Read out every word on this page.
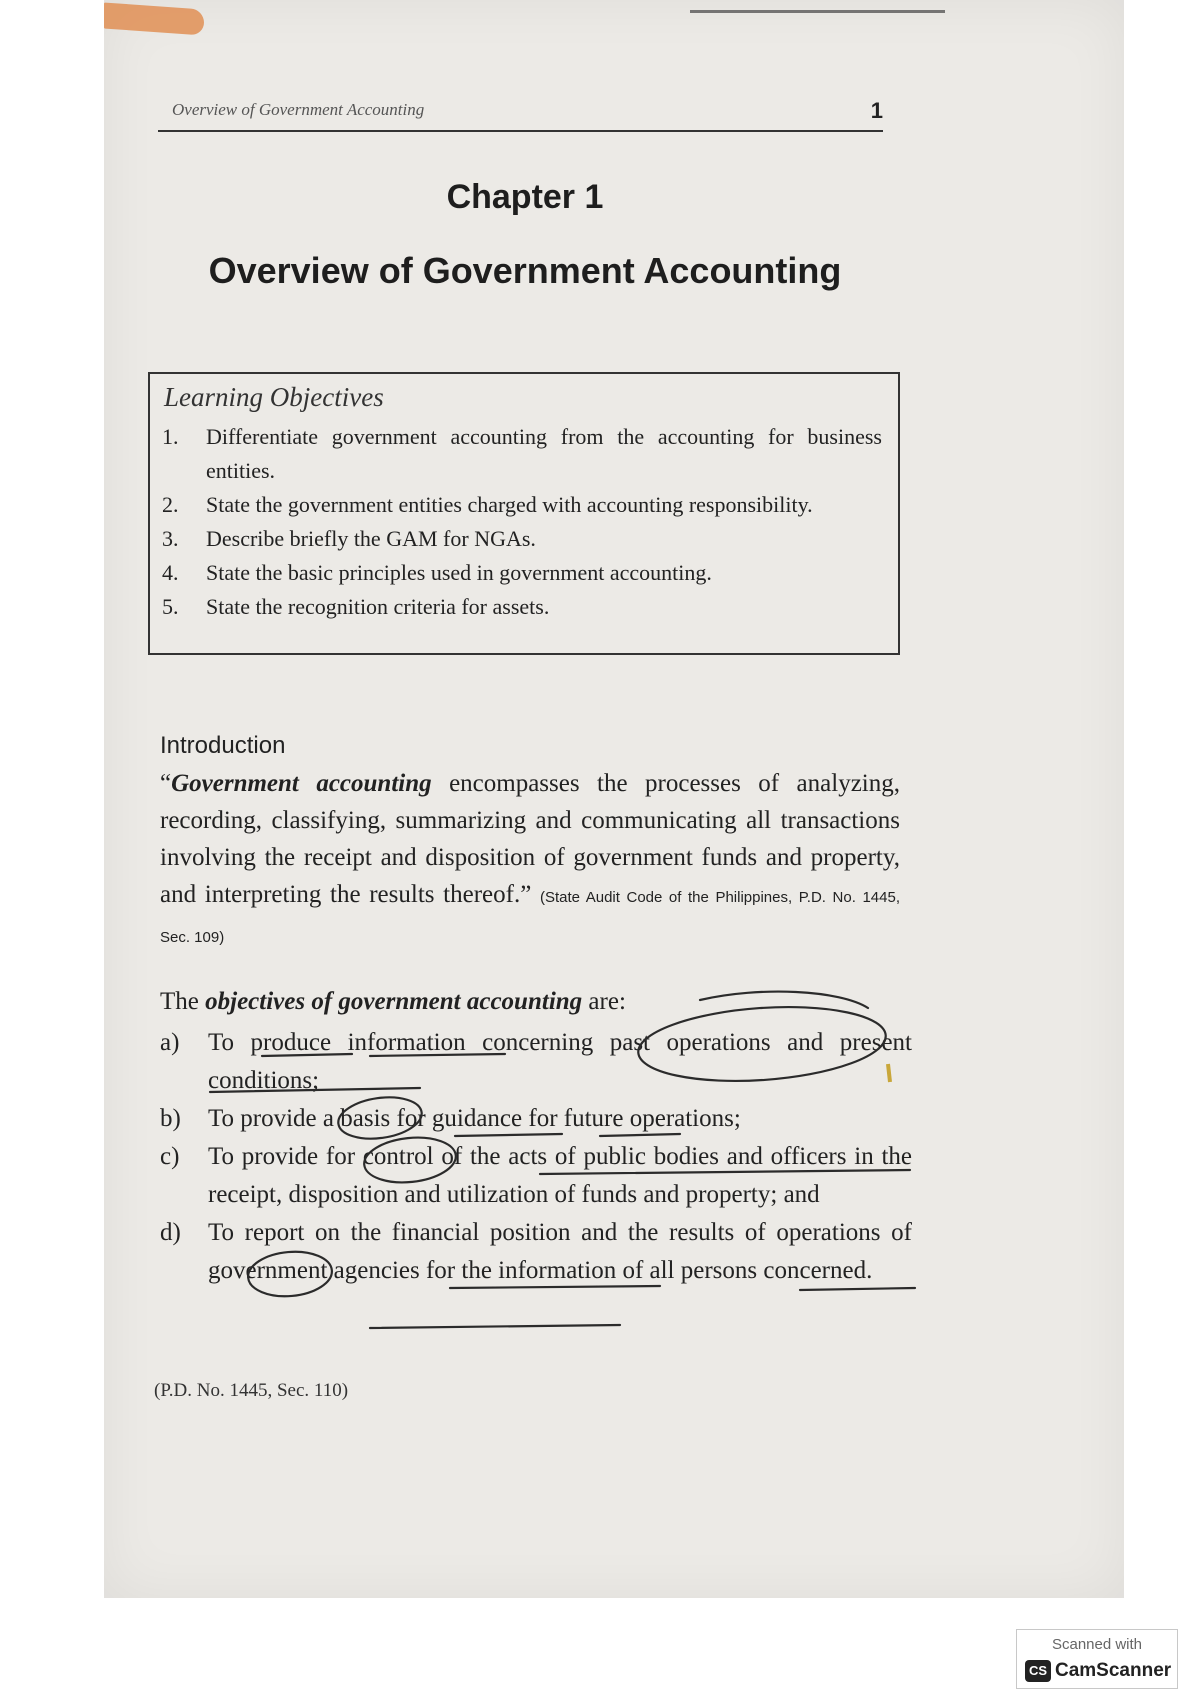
Overview of Government Accounting	1
Chapter 1
Overview of Government Accounting
Learning Objectives
1. Differentiate government accounting from the accounting for business entities.
2. State the government entities charged with accounting responsibility.
3. Describe briefly the GAM for NGAs.
4. State the basic principles used in government accounting.
5. State the recognition criteria for assets.
Introduction
“Government accounting encompasses the processes of analyzing, recording, classifying, summarizing and communicating all transactions involving the receipt and disposition of government funds and property, and interpreting the results thereof.” (State Audit Code of the Philippines, P.D. No. 1445, Sec. 109)
The objectives of government accounting are:
a) To produce information concerning past operations and present conditions;
b) To provide a basis for guidance for future operations;
c) To provide for control of the acts of public bodies and officers in the receipt, disposition and utilization of funds and property; and
d) To report on the financial position and the results of operations of government agencies for the information of all persons concerned.
(P.D. No. 1445, Sec. 110)
Scanned with
CS CamScanner
